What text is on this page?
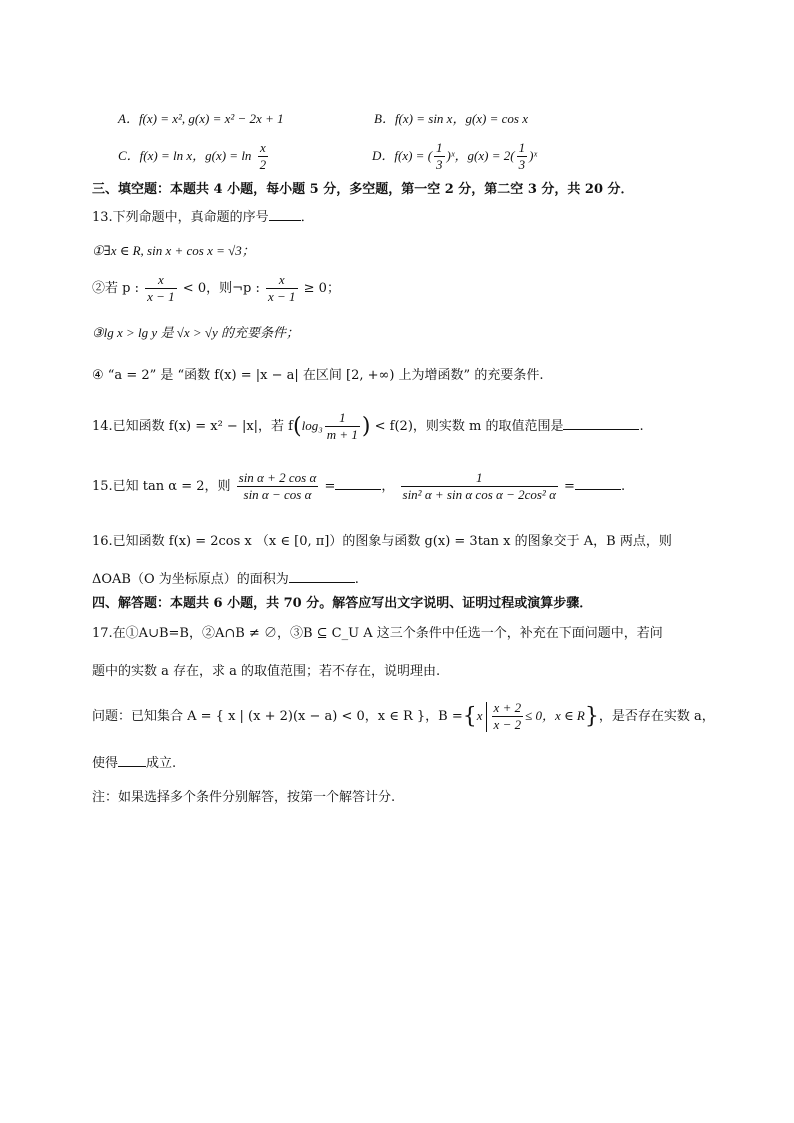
A．f(x) = x², g(x) = x² − 2x + 1	B．f(x) = sin x，g(x) = cos x
C．f(x) = ln x，$g(x) = \ln \frac{x}{2}$	D．f(x) = ( $\frac{1}{3}$ )ˣ，$g(x) = 2( \frac{1}{3}$ )ˣ
三、填空题：本题共 4 小题，每小题 5 分，多空题，第一空 2 分，第二空 3 分，共 20 分．
13.下列命题中，真命题的序号 ．
①∃x ∈ R, sin x + cos x = √3；
②若 p : $\frac{x}{x - 1} < 0$，则¬p : $\frac{x}{x - 1} \ge 0$；
③lg x > lg y 是 √x > √y 的充要条件；
④ “a = 2” 是 “函数 f(x) = |x − a| 在区间 [2, +∞) 上为增函数” 的充要条件.
14.已知函数 f(x) = x² − |x|，若 $f(\log_3 \frac{1}{m + 1}$ ) < f(2)，则实数 m 的取值范围是	.
15.已知 tan α = 2，则 $\frac{\text{sin α + 2 cos α}}{\text{sin α − cos α}}$ =	， $\frac{1}{\text{sin² α + sin α cos α − 2cos² α}}$ =	.
16.已知函数 f(x) = 2cos x （x ∈ [0, π]）的图象与函数 g(x) = 3tan x 的图象交于 A，B 两点，则
ΔOAB（O 为坐标原点）的面积为	.
四、解答题：本题共 6 小题，共 70 分。解答应写出文字说明、证明过程或演算步骤．
17.在①A∪B=B，②A∩B ≠ ∅，③B ⊆ C_U A 这三个条件中任选一个，补充在下面问题中，若问
题中的实数 a 存在，求 a 的取值范围；若不存在，说明理由.
问题：已知集合 A = { x | (x + 2)(x − a) < 0，x ∈ R }，$B =\{x \frac{x + 2}{x - 2} \le 0$，x ∈ R}，是否存在实数 a，
使得 成立.
注：如果选择多个条件分别解答，按第一个解答计分.
